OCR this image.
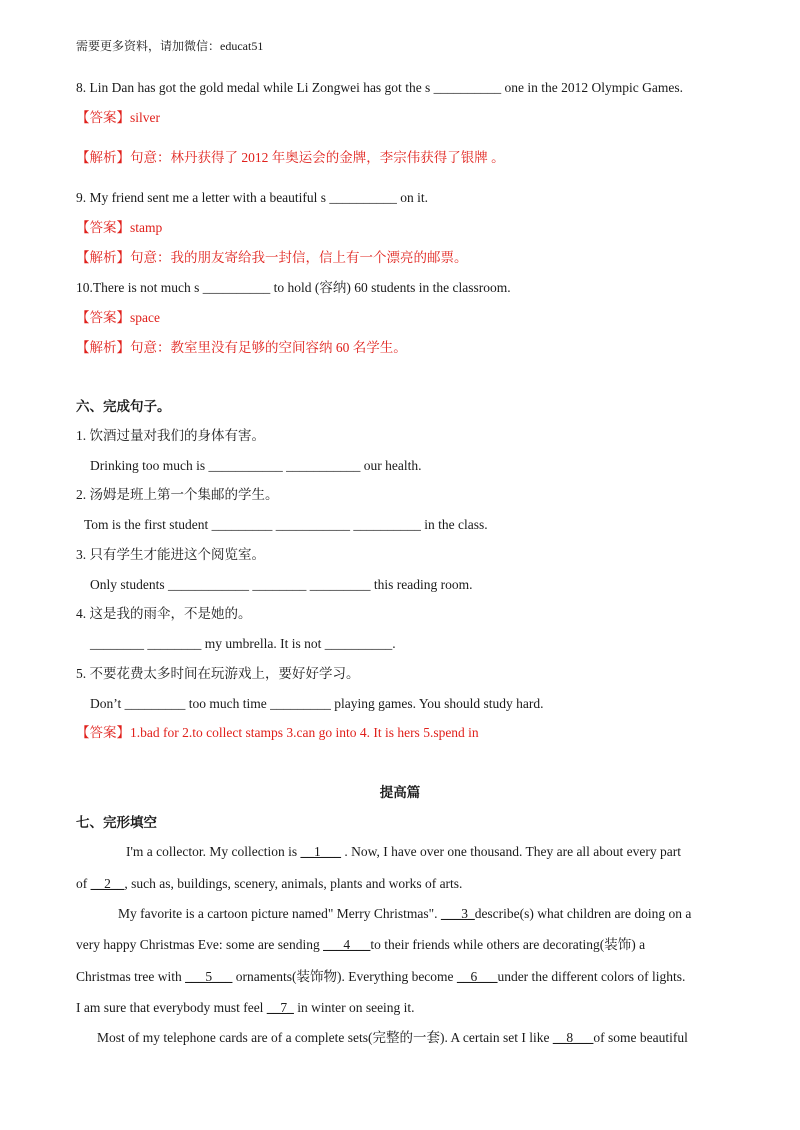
需要更多资料，请加微信：educat51
8. Lin Dan has got the gold medal while Li Zongwei has got the s __________ one in the 2012 Olympic Games.
【答案】silver
【解析】句意：林丹获得了 2012 年奥运会的金牌，李宗伟获得了银牌 。
9. My friend sent me a letter with a beautiful s __________ on it.
【答案】stamp
【解析】句意：我的朋友寄给我一封信，信上有一个漂亮的邮票。
10.There is not much s __________ to hold (容纳) 60 students in the classroom.
【答案】space
【解析】句意：教室里没有足够的空间容纳 60 名学生。
六、完成句子。
1. 饮酒过量对我们的身体有害。
Drinking too much is ___________ ___________ our health.
2. 汤姆是班上第一个集邮的学生。
Tom is the first student _________ ___________ __________ in the class.
3. 只有学生才能进这个阅览室。
Only students ____________ ________ _________ this reading room.
4. 这是我的雨伞，不是她的。
________ ________ my umbrella. It is not __________.
5. 不要花费太多时间在玩游戏上，要好好学习。
Don’t _________ too much time _________ playing games. You should study hard.
【答案】1.bad for 2.to collect stamps 3.can go into 4. It is hers 5.spend in
提高篇
七、完形填空
I'm a collector. My collection is __1___ . Now, I have over one thousand. They are all about every part
of __2__, such as, buildings, scenery, animals, plants and works of arts.
My favorite is a cartoon picture named" Merry Christmas". ___3_describe(s) what children are doing on a
very happy Christmas Eve: some are sending ___4___to their friends while others are decorating(装饰) a
Christmas tree with ___5___ ornaments(装饰物). Everything become __6___under the different colors of lights.
I am sure that everybody must feel __7_ in winter on seeing it.
Most of my telephone cards are of a complete sets(完整的一套). A certain set I like __8___of some beautiful
